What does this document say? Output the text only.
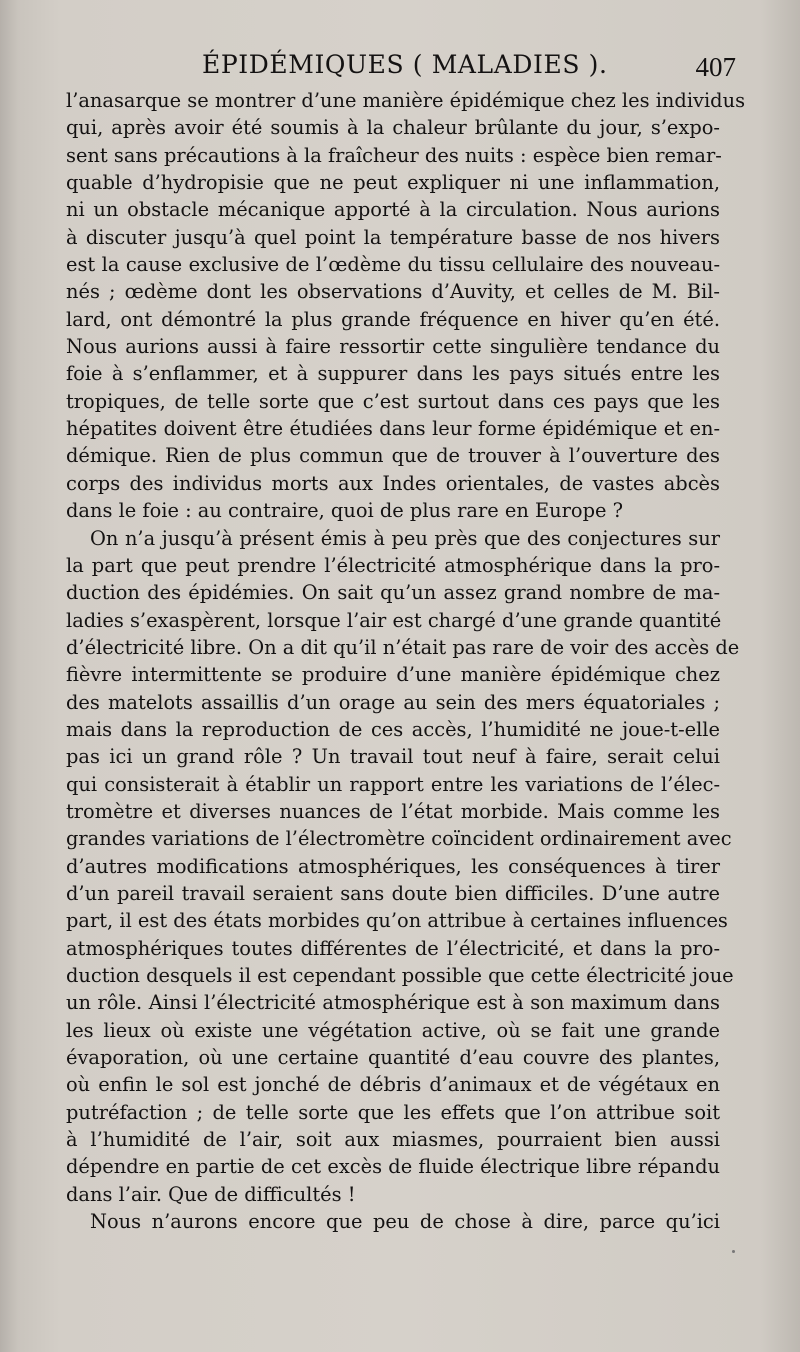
ÉPIDÉMIQUES ( MALADIES ).	407
l’anasarque se montrer d’une manière épidémique chez les individus
qui, après avoir été soumis à la chaleur brûlante du jour, s’expo-
sent sans précautions à la fraîcheur des nuits : espèce bien remar-
quable d’hydropisie que ne peut expliquer ni une inflammation,
ni un obstacle mécanique apporté à la circulation. Nous aurions
à discuter jusqu’à quel point la température basse de nos hivers
est la cause exclusive de l’œdème du tissu cellulaire des nouveau-
nés ; œdème dont les observations d’Auvity, et celles de M. Bil-
lard, ont démontré la plus grande fréquence en hiver qu’en été.
Nous aurions aussi à faire ressortir cette singulière tendance du
foie à s’enflammer, et à suppurer dans les pays situés entre les
tropiques, de telle sorte que c’est surtout dans ces pays que les
hépatites doivent être étudiées dans leur forme épidémique et en-
démique. Rien de plus commun que de trouver à l’ouverture des
corps des individus morts aux Indes orientales, de vastes abcès
dans le foie : au contraire, quoi de plus rare en Europe ?
On n’a jusqu’à présent émis à peu près que des conjectures sur
la part que peut prendre l’électricité atmosphérique dans la pro-
duction des épidémies. On sait qu’un assez grand nombre de ma-
ladies s’exaspèrent, lorsque l’air est chargé d’une grande quantité
d’électricité libre. On a dit qu’il n’était pas rare de voir des accès de
fièvre intermittente se produire d’une manière épidémique chez
des matelots assaillis d’un orage au sein des mers équatoriales ;
mais dans la reproduction de ces accès, l’humidité ne joue-t-elle
pas ici un grand rôle ? Un travail tout neuf à faire, serait celui
qui consisterait à établir un rapport entre les variations de l’élec-
tromètre et diverses nuances de l’état morbide. Mais comme les
grandes variations de l’électromètre coïncident ordinairement avec
d’autres modifications atmosphériques, les conséquences à tirer
d’un pareil travail seraient sans doute bien difficiles. D’une autre
part, il est des états morbides qu’on attribue à certaines influences
atmosphériques toutes différentes de l’électricité, et dans la pro-
duction desquels il est cependant possible que cette électricité joue
un rôle. Ainsi l’électricité atmosphérique est à son maximum dans
les lieux où existe une végétation active, où se fait une grande
évaporation, où une certaine quantité d’eau couvre des plantes,
où enfin le sol est jonché de débris d’animaux et de végétaux en
putréfaction ; de telle sorte que les effets que l’on attribue soit
à l’humidité de l’air, soit aux miasmes, pourraient bien aussi
dépendre en partie de cet excès de fluide électrique libre répandu
dans l’air. Que de difficultés !
Nous n’aurons encore que peu de chose à dire, parce qu’ici
